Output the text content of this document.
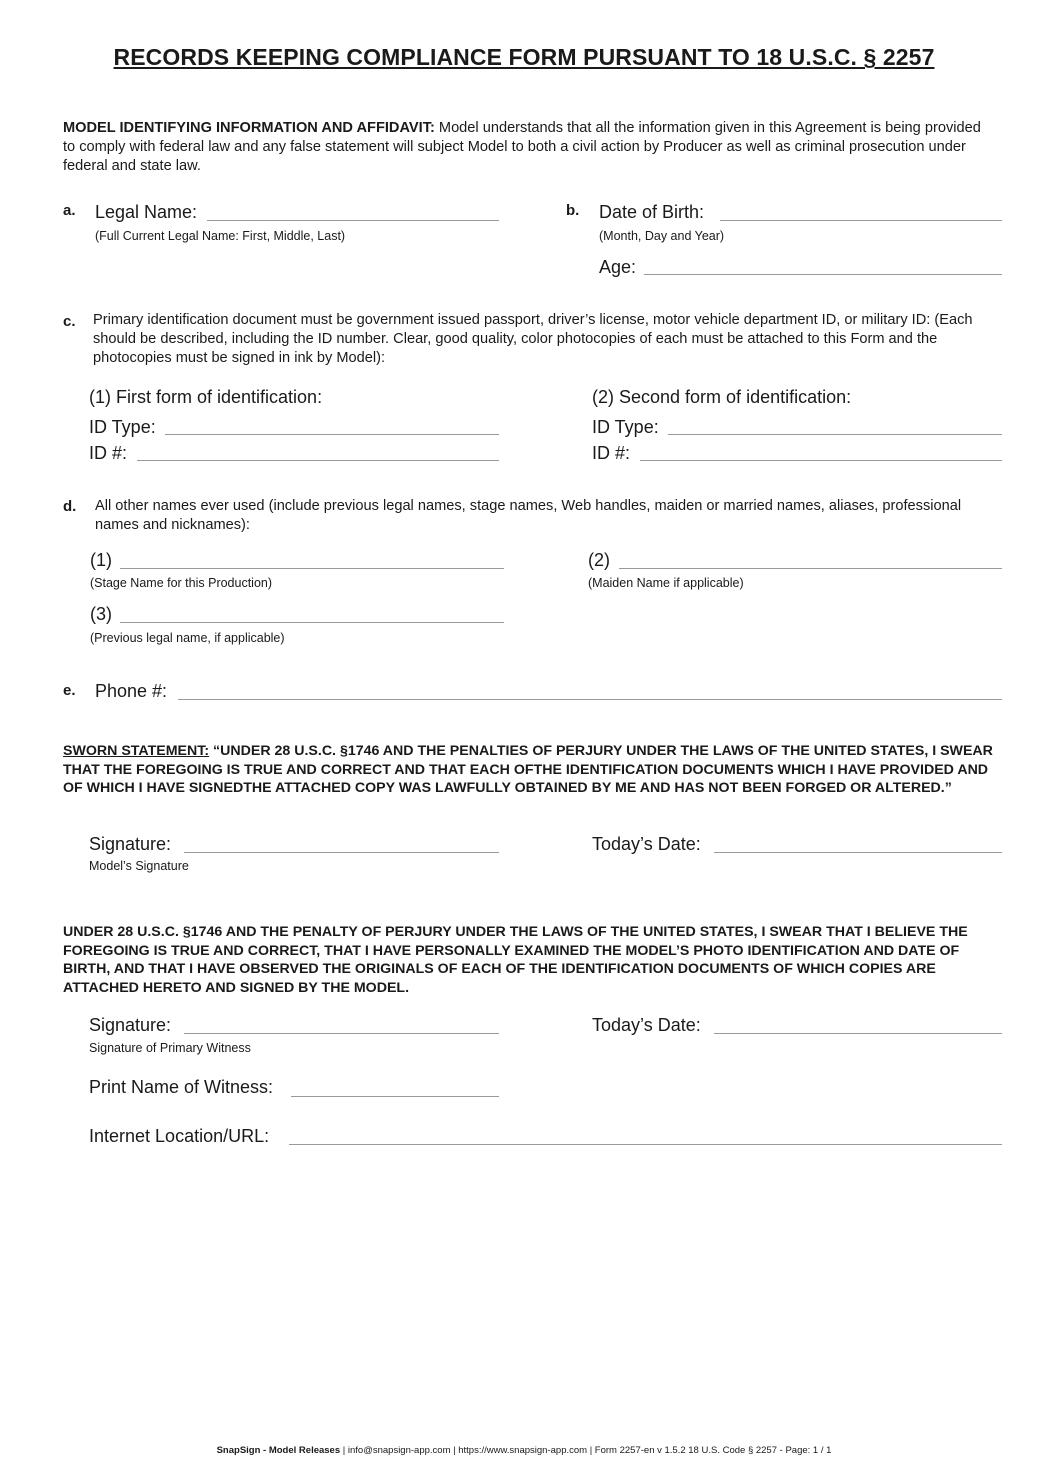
RECORDS KEEPING COMPLIANCE FORM PURSUANT TO 18 U.S.C. § 2257
MODEL IDENTIFYING INFORMATION AND AFFIDAVIT: Model understands that all the information given in this Agreement is being provided to comply with federal law and any false statement will subject Model to both a civil action by Producer as well as criminal prosecution under federal and state law.
a. Legal Name:
(Full Current Legal Name: First, Middle, Last)
b. Date of Birth:
(Month, Day and Year)
Age:
c. Primary identification document must be government issued passport, driver’s license, motor vehicle department ID, or military ID: (Each should be described, including the ID number. Clear, good quality, color photocopies of each must be attached to this Form and the photocopies must be signed in ink by Model):
(1) First form of identification:
ID Type:
ID #:
(2) Second form of identification:
ID Type:
ID #:
d. All other names ever used (include previous legal names, stage names, Web handles, maiden or married names, aliases, professional names and nicknames):
(1)
(Stage Name for this Production)
(2)
(Maiden Name if applicable)
(3)
(Previous legal name, if applicable)
e. Phone #:
SWORN STATEMENT: “UNDER 28 U.S.C. §1746 AND THE PENALTIES OF PERJURY UNDER THE LAWS OF THE UNITED STATES, I SWEAR THAT THE FOREGOING IS TRUE AND CORRECT AND THAT EACH OFTHE IDENTIFICATION DOCUMENTS WHICH I HAVE PROVIDED AND OF WHICH I HAVE SIGNEDTHE ATTACHED COPY WAS LAWFULLY OBTAINED BY ME AND HAS NOT BEEN FORGED OR ALTERED.”
Signature:
Model’s Signature
Today’s Date:
UNDER 28 U.S.C. §1746 AND THE PENALTY OF PERJURY UNDER THE LAWS OF THE UNITED STATES, I SWEAR THAT I BELIEVE THE FOREGOING IS TRUE AND CORRECT, THAT I HAVE PERSONALLY EXAMINED THE MODEL’S PHOTO IDENTIFICATION AND DATE OF BIRTH, AND THAT I HAVE OBSERVED THE ORIGINALS OF EACH OF THE IDENTIFICATION DOCUMENTS OF WHICH COPIES ARE ATTACHED HERETO AND SIGNED BY THE MODEL.
Signature:
Signature of Primary Witness
Today’s Date:
Print Name of Witness:
Internet Location/URL:
SnapSign - Model Releases | info@snapsign-app.com | https://www.snapsign-app.com | Form 2257-en v 1.5.2 18 U.S. Code § 2257 - Page: 1 / 1
